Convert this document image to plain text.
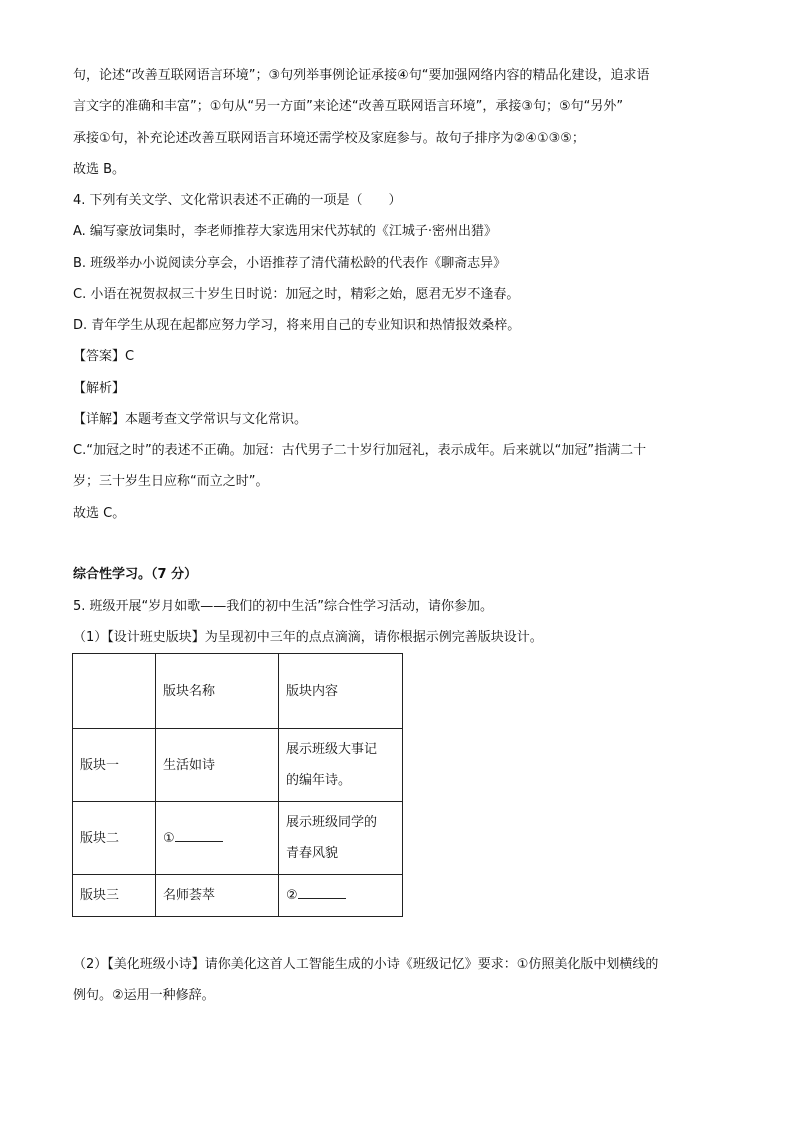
句，论述“改善互联网语言环境”；③句列举事例论证承接④句“要加强网络内容的精品化建设，追求语
言文字的准确和丰富”；①句从“另一方面”来论述“改善互联网语言环境”，承接③句；⑤句“另外”
承接①句，补充论述改善互联网语言环境还需学校及家庭参与。故句子排序为②④①③⑤；
故选 B。
4. 下列有关文学、文化常识表述不正确的一项是（　　）
A. 编写豪放词集时，李老师推荐大家选用宋代苏轼的《江城子·密州出猎》
B. 班级举办小说阅读分享会，小语推荐了清代蒲松龄的代表作《聊斋志异》
C. 小语在祝贺叔叔三十岁生日时说：加冠之时，精彩之始，愿君无岁不逢春。
D. 青年学生从现在起都应努力学习，将来用自己的专业知识和热情报效桑梓。
【答案】C
【解析】
【详解】本题考查文学常识与文化常识。
C.“加冠之时”的表述不正确。加冠：古代男子二十岁行加冠礼，表示成年。后来就以“加冠”指满二十
岁；三十岁生日应称“而立之时”。
故选 C。
综合性学习。（7 分）
5. 班级开展“岁月如歌——我们的初中生活”综合性学习活动，请你参加。
（1）【设计班史版块】为呈现初中三年的点点滴滴，请你根据示例完善版块设计。
	版块名称	版块内容
版块一	生活如诗	展示班级大事记
的编年诗。
版块二	①	展示班级同学的
青春风貌
版块三	名师荟萃	②
（2）【美化班级小诗】请你美化这首人工智能生成的小诗《班级记忆》要求：①仿照美化版中划横线的
例句。②运用一种修辞。
